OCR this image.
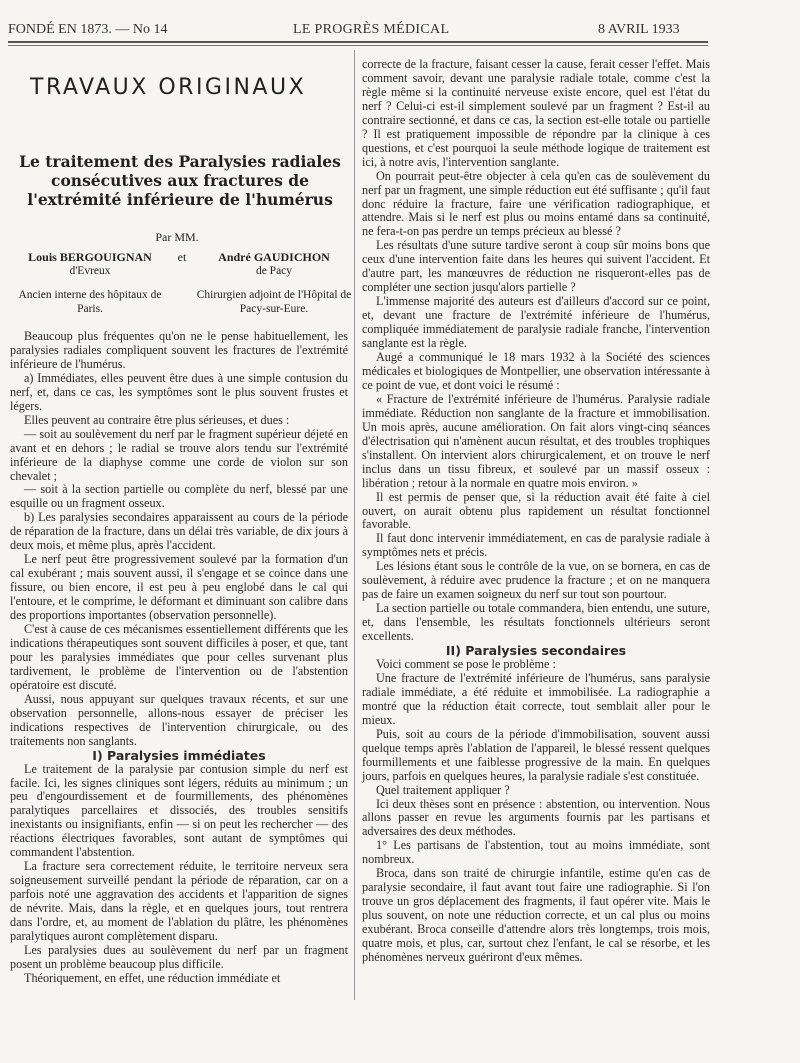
FONDÉ EN 1873. — No 14	LE PROGRÈS MÉDICAL	8 AVRIL 1933
TRAVAUX ORIGINAUX
Le traitement des Paralysies radiales consécutives aux fractures de l'extrémité inférieure de l'humérus
Par MM.
Louis BERGOUIGNAN
d'Evreux
Ancien interne des hôpitaux de Paris.
et	André GAUDICHON
de Pacy
Chirurgien adjoint de l'Hôpital de Pacy-sur-Eure.

Beaucoup plus fréquentes qu'on ne le pense habituellement, les paralysies radiales compliquent souvent les fractures de l'extrémité inférieure de l'humérus.

a) Immédiates, elles peuvent être dues à une simple contusion du nerf, et, dans ce cas, les symptômes sont le plus souvent frustes et légers.

Elles peuvent au contraire être plus sérieuses, et dues :

— soit au soulèvement du nerf par le fragment supérieur déjeté en avant et en dehors ; le radial se trouve alors tendu sur l'extrémité inférieure de la diaphyse comme une corde de violon sur son chevalet ;

— soit à la section partielle ou complète du nerf, blessé par une esquille ou un fragment osseux.

b) Les paralysies secondaires apparaissent au cours de la période de réparation de la fracture, dans un délai très variable, de dix jours à deux mois, et même plus, après l'accident.

Le nerf peut être progressivement soulevé par la formation d'un cal exubérant ; mais souvent aussi, il s'engage et se coince dans une fissure, ou bien encore, il est peu à peu englobé dans le cal qui l'entoure, et le comprime, le déformant et diminuant son calibre dans des proportions importantes (observation personnelle).

C'est à cause de ces mécanismes essentiellement différents que les indications thérapeutiques sont souvent difficiles à poser, et que, tant pour les paralysies immédiates que pour celles survenant plus tardivement, le problème de l'intervention ou de l'abstention opératoire est discuté.

Aussi, nous appuyant sur quelques travaux récents, et sur une observation personnelle, allons-nous essayer de préciser les indications respectives de l'intervention chirurgicale, ou des traitements non sanglants.

I) Paralysies immédiates

Le traitement de la paralysie par contusion simple du nerf est facile. Ici, les signes cliniques sont légers, réduits au minimum ; un peu d'engourdissement et de fourmillements, des phénomènes paralytiques parcellaires et dissociés, des troubles sensitifs inexistants ou insignifiants, enfin — si on peut les rechercher — des réactions électriques favorables, sont autant de symptômes qui commandent l'abstention.

La fracture sera correctement réduite, le territoire nerveux sera soigneusement surveillé pendant la période de réparation, car on a parfois noté une aggravation des accidents et l'apparition de signes de névrite. Mais, dans la règle, et en quelques jours, tout rentrera dans l'ordre, et, au moment de l'ablation du plâtre, les phénomènes paralytiques auront complètement disparu.

Les paralysies dues au soulèvement du nerf par un fragment posent un problème beaucoup plus difficile.

Théoriquement, en effet, une réduction immédiate et

correcte de la fracture, faisant cesser la cause, ferait cesser l'effet. Mais comment savoir, devant une paralysie radiale totale, comme c'est la règle même si la continuité nerveuse existe encore, quel est l'état du nerf ? Celui-ci est-il simplement soulevé par un fragment ? Est-il au contraire sectionné, et dans ce cas, la section est-elle totale ou partielle ? Il est pratiquement impossible de répondre par la clinique à ces questions, et c'est pourquoi la seule méthode logique de traitement est ici, à notre avis, l'intervention sanglante.

On pourrait peut-être objecter à cela qu'en cas de soulèvement du nerf par un fragment, une simple réduction eut été suffisante ; qu'il faut donc réduire la fracture, faire une vérification radiographique, et attendre. Mais si le nerf est plus ou moins entamé dans sa continuité, ne fera-t-on pas perdre un temps précieux au blessé ?

Les résultats d'une suture tardive seront à coup sûr moins bons que ceux d'une intervention faite dans les heures qui suivent l'accident. Et d'autre part, les manœuvres de réduction ne risqueront-elles pas de compléter une section jusqu'alors partielle ?

L'immense majorité des auteurs est d'ailleurs d'accord sur ce point, et, devant une fracture de l'extrémité inférieure de l'humérus, compliquée immédiatement de paralysie radiale franche, l'intervention sanglante est la règle.

Augé a communiqué le 18 mars 1932 à la Société des sciences médicales et biologiques de Montpellier, une observation intéressante à ce point de vue, et dont voici le résumé :

« Fracture de l'extrémité inférieure de l'humérus. Paralysie radiale immédiate. Réduction non sanglante de la fracture et immobilisation. Un mois après, aucune amélioration. On fait alors vingt-cinq séances d'électrisation qui n'amènent aucun résultat, et des troubles trophiques s'installent. On intervient alors chirurgicalement, et on trouve le nerf inclus dans un tissu fibreux, et soulevé par un massif osseux : libération ; retour à la normale en quatre mois environ. »

Il est permis de penser que, si la réduction avait été faite à ciel ouvert, on aurait obtenu plus rapidement un résultat fonctionnel favorable.

Il faut donc intervenir immédiatement, en cas de paralysie radiale à symptômes nets et précis.

Les lésions étant sous le contrôle de la vue, on se bornera, en cas de soulèvement, à réduire avec prudence la fracture ; et on ne manquera pas de faire un examen soigneux du nerf sur tout son pourtour.

La section partielle ou totale commandera, bien entendu, une suture, et, dans l'ensemble, les résultats fonctionnels ultérieurs seront excellents.

II) Paralysies secondaires

Voici comment se pose le problème :

Une fracture de l'extrémité inférieure de l'humérus, sans paralysie radiale immédiate, a été réduite et immobilisée. La radiographie a montré que la réduction était correcte, tout semblait aller pour le mieux.

Puis, soit au cours de la période d'immobilisation, souvent aussi quelque temps après l'ablation de l'appareil, le blessé ressent quelques fourmillements et une faiblesse progressive de la main. En quelques jours, parfois en quelques heures, la paralysie radiale s'est constituée.

Quel traitement appliquer ?

Ici deux thèses sont en présence : abstention, ou intervention. Nous allons passer en revue les arguments fournis par les partisans et adversaires des deux méthodes.

1° Les partisans de l'abstention, tout au moins immédiate, sont nombreux.

Broca, dans son traité de chirurgie infantile, estime qu'en cas de paralysie secondaire, il faut avant tout faire une radiographie. Si l'on trouve un gros déplacement des fragments, il faut opérer vite. Mais le plus souvent, on note une réduction correcte, et un cal plus ou moins exubérant. Broca conseille d'attendre alors très longtemps, trois mois, quatre mois, et plus, car, surtout chez l'enfant, le cal se résorbe, et les phénomènes nerveux guériront d'eux mêmes.
